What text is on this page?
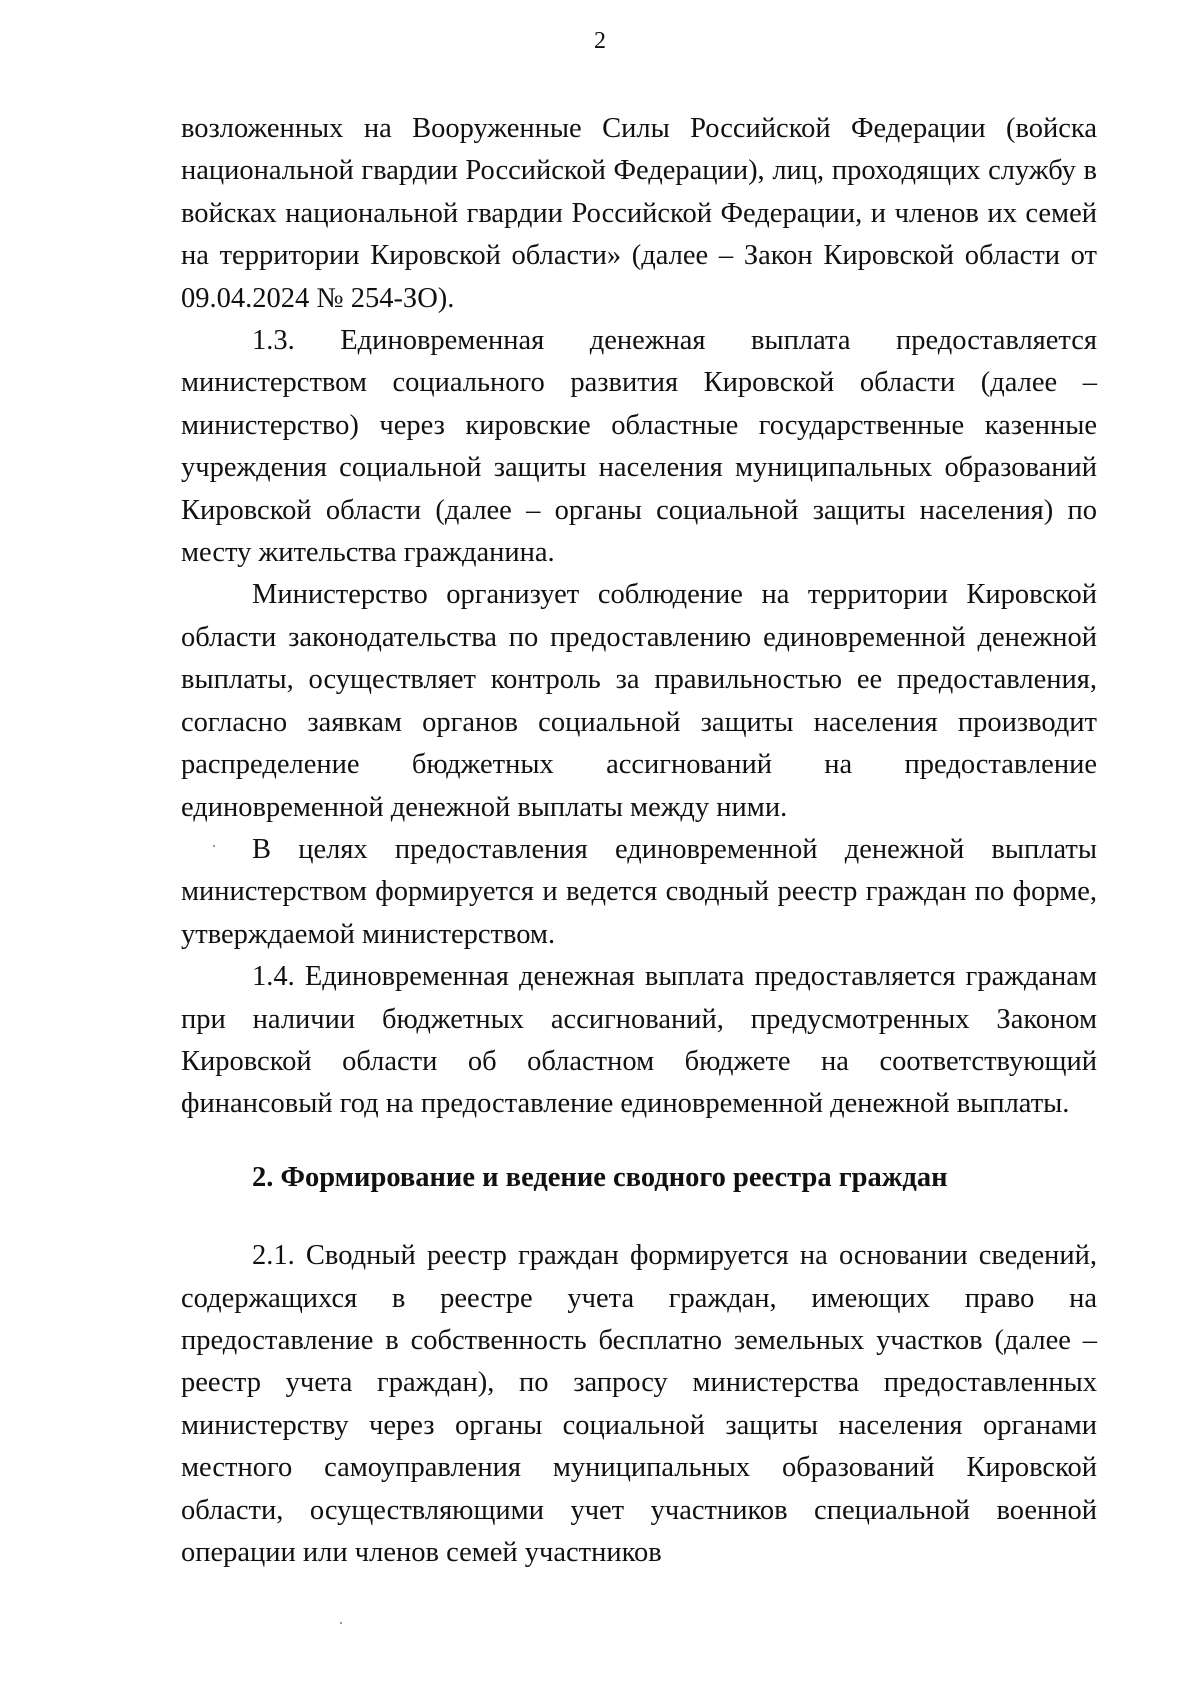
2

возложенных на Вооруженные Силы Российской Федерации (войска национальной гвардии Российской Федерации), лиц, проходящих службу в войсках национальной гвардии Российской Федерации, и членов их семей на территории Кировской области» (далее – Закон Кировской области от 09.04.2024 № 254-ЗО).

1.3. Единовременная денежная выплата предоставляется министерством социального развития Кировской области (далее – министерство) через кировские областные государственные казенные учреждения социальной защиты населения муниципальных образований Кировской области (далее – органы социальной защиты населения) по месту жительства гражданина.

Министерство организует соблюдение на территории Кировской области законодательства по предоставлению единовременной денежной выплаты, осуществляет контроль за правильностью ее предоставления, согласно заявкам органов социальной защиты населения производит распределение бюджетных ассигнований на предоставление единовременной денежной выплаты между ними.

В целях предоставления единовременной денежной выплаты министерством формируется и ведется сводный реестр граждан по форме, утверждаемой министерством.

1.4. Единовременная денежная выплата предоставляется гражданам при наличии бюджетных ассигнований, предусмотренных Законом Кировской области об областном бюджете на соответствующий финансовый год на предоставление единовременной денежной выплаты.

2. Формирование и ведение сводного реестра граждан

2.1. Сводный реестр граждан формируется на основании сведений, содержащихся в реестре учета граждан, имеющих право на предоставление в собственность бесплатно земельных участков (далее – реестр учета граждан), по запросу министерства предоставленных министерству через органы социальной защиты населения органами местного самоуправления муниципальных образований Кировской области, осуществляющими учет участников специальной военной операции или членов семей участников
